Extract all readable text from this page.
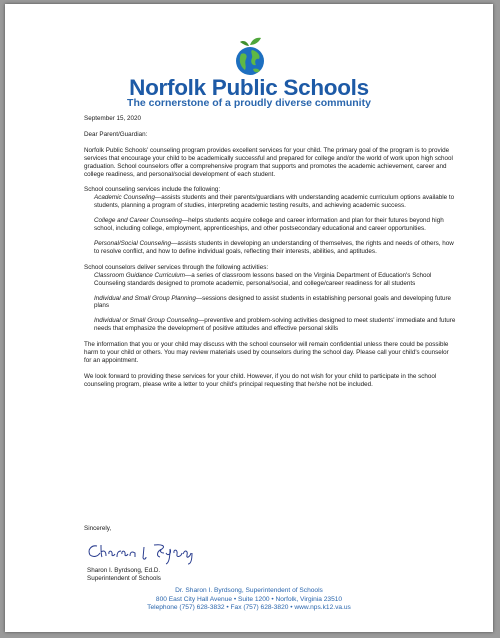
Norfolk Public Schools
The cornerstone of a proudly diverse community

September 15, 2020

Dear Parent/Guardian:

Norfolk Public Schools' counseling program provides excellent services for your child. The primary goal of the program is to provide services that encourage your child to be academically successful and prepared for college and/or the world of work upon high school graduation. School counselors offer a comprehensive program that supports and promotes the academic achievement, career and college readiness, and personal/social development of each student.

School counseling services include the following:

Academic Counseling—assists students and their parents/guardians with understanding academic curriculum options available to students, planning a program of studies, interpreting academic testing results, and achieving academic success.

College and Career Counseling—helps students acquire college and career information and plan for their futures beyond high school, including college, employment, apprenticeships, and other postsecondary educational and career opportunities.

Personal/Social Counseling—assists students in developing an understanding of themselves, the rights and needs of others, how to resolve conflict, and how to define individual goals, reflecting their interests, abilities, and aptitudes.

School counselors deliver services through the following activities:

Classroom Guidance Curriculum—a series of classroom lessons based on the Virginia Department of Education's School Counseling standards designed to promote academic, personal/social, and college/career readiness for all students

Individual and Small Group Planning—sessions designed to assist students in establishing personal goals and developing future plans

Individual or Small Group Counseling—preventive and problem-solving activities designed to meet students' immediate and future needs that emphasize the development of positive attitudes and effective personal skills

The information that you or your child may discuss with the school counselor will remain confidential unless there could be possible harm to your child or others. You may review materials used by counselors during the school day. Please call your child's counselor for an appointment.

We look forward to providing these services for your child. However, if you do not wish for your child to participate in the school counseling program, please write a letter to your child's principal requesting that he/she not be included.

Sincerely,
Sharon I. Byrdsong, Ed.D.
Superintendent of Schools
Dr. Sharon I. Byrdsong, Superintendent of Schools
800 East City Hall Avenue • Suite 1200 • Norfolk, Virginia 23510
Telephone (757) 628-3832 • Fax (757) 628-3820 • www.nps.k12.va.us
